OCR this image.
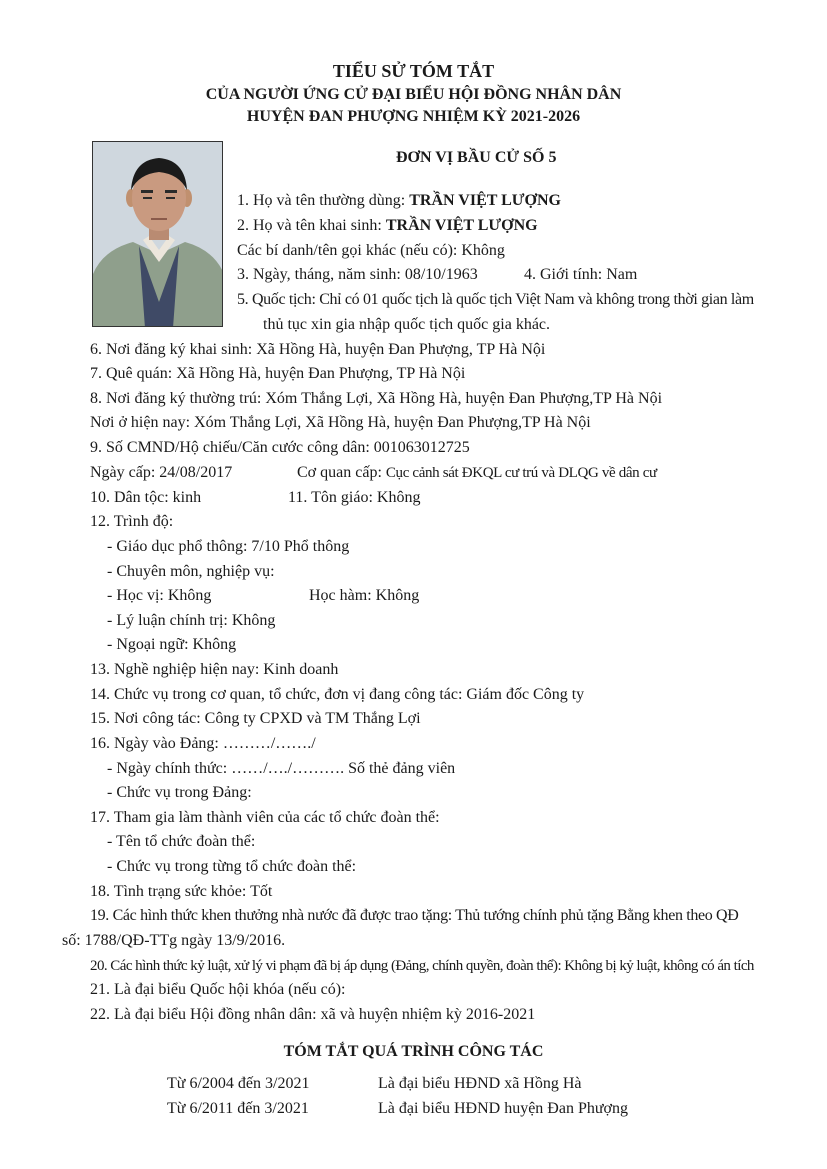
TIỂU SỬ TÓM TẮT
CỦA NGƯỜI ỨNG CỬ ĐẠI BIỂU HỘI ĐỒNG NHÂN DÂN
HUYỆN ĐAN PHƯỢNG NHIỆM KỲ 2021-2026
ĐƠN VỊ BẦU CỬ SỐ 5
1. Họ và tên thường dùng: TRẦN VIỆT LƯỢNG
2. Họ và tên khai sinh: TRẦN VIỆT LƯỢNG
Các bí danh/tên gọi khác (nếu có): Không
3. Ngày, tháng, năm sinh: 08/10/1963	4. Giới tính: Nam
5. Quốc tịch: Chỉ có 01 quốc tịch là quốc tịch Việt Nam và không trong thời gian làm
thủ tục xin gia nhập quốc tịch quốc gia khác.
6. Nơi đăng ký khai sinh: Xã Hồng Hà, huyện Đan Phượng, TP Hà Nội
7. Quê quán: Xã Hồng Hà, huyện Đan Phượng, TP Hà Nội
8. Nơi đăng ký thường trú: Xóm Thắng Lợi, Xã Hồng Hà, huyện Đan Phượng,TP Hà Nội
Nơi ở hiện nay: Xóm Thắng Lợi, Xã Hồng Hà, huyện Đan Phượng,TP Hà Nội
9. Số CMND/Hộ chiếu/Căn cước công dân: 001063012725
Ngày cấp: 24/08/2017	Cơ quan cấp: Cục cảnh sát ĐKQL cư trú và DLQG về dân cư
10. Dân tộc: kinh	11. Tôn giáo: Không
12. Trình độ:
- Giáo dục phổ thông: 7/10 Phổ thông
- Chuyên môn, nghiệp vụ:
- Học vị: Không	Học hàm: Không
- Lý luận chính trị: Không
- Ngoại ngữ: Không
13. Nghề nghiệp hiện nay: Kinh doanh
14. Chức vụ trong cơ quan, tổ chức, đơn vị đang công tác: Giám đốc Công ty
15. Nơi công tác: Công ty CPXD và TM Thắng Lợi
16. Ngày vào Đảng: ………/……./
- Ngày chính thức: ……/…./………. Số thẻ đảng viên
- Chức vụ trong Đảng:
17. Tham gia làm thành viên của các tổ chức đoàn thể:
- Tên tổ chức đoàn thể:
- Chức vụ trong từng tổ chức đoàn thể:
18. Tình trạng sức khỏe: Tốt
19. Các hình thức khen thưởng nhà nước đã được trao tặng: Thủ tướng chính phủ tặng Bằng khen theo QĐ
số: 1788/QĐ-TTg ngày 13/9/2016.
20. Các hình thức kỷ luật, xử lý vi phạm đã bị áp dụng (Đảng, chính quyền, đoàn thể): Không bị kỷ luật, không có án tích
21. Là đại biểu Quốc hội khóa (nếu có):
22. Là đại biểu Hội đồng nhân dân: xã và huyện nhiệm kỳ 2016-2021
TÓM TẮT QUÁ TRÌNH CÔNG TÁC
Từ 6/2004 đến 3/2021	Là đại biểu HĐND xã Hồng Hà
Từ 6/2011 đến 3/2021	Là đại biểu HĐND huyện Đan Phượng
